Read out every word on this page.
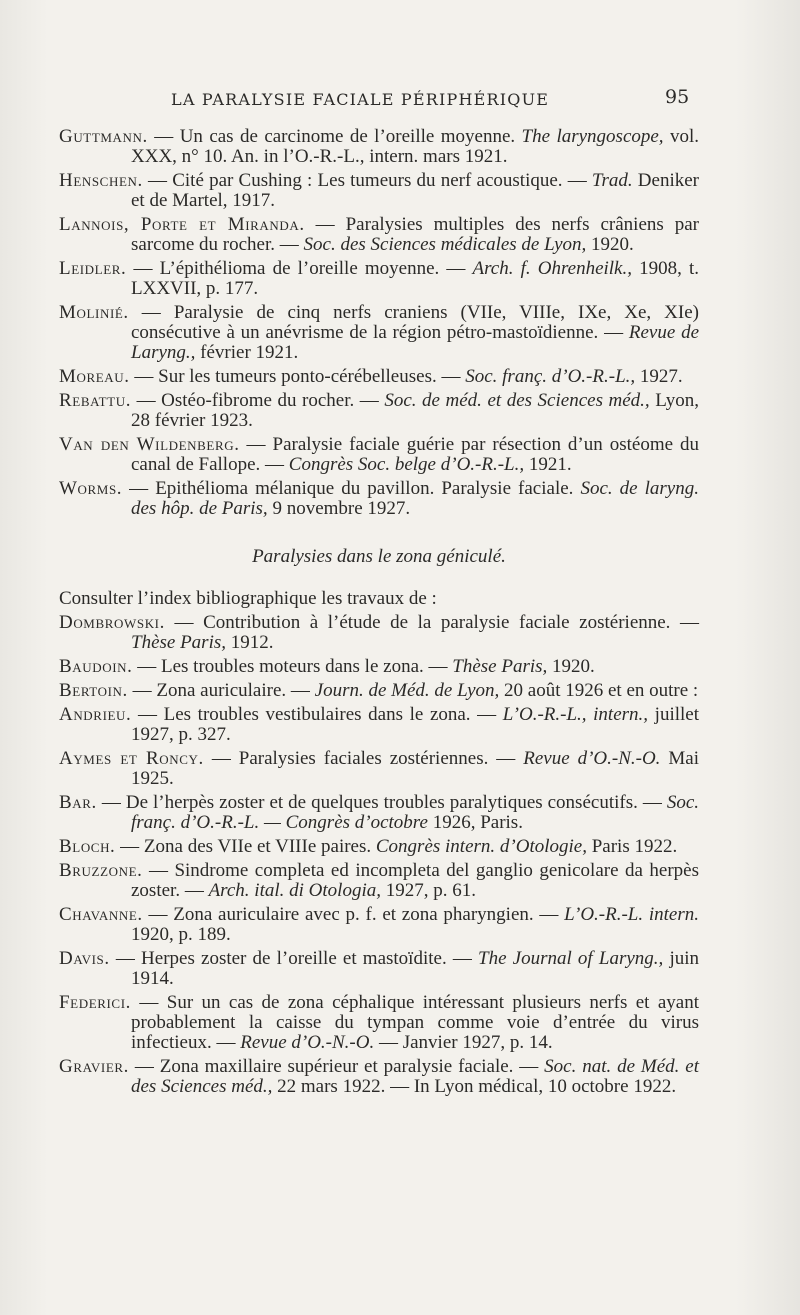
LA PARALYSIE FACIALE PÉRIPHÉRIQUE	95

Guttmann. — Un cas de carcinome de l’oreille moyenne. The laryngoscope, vol. XXX, n° 10. An. in l’O.-R.-L., intern. mars 1921.

Henschen. — Cité par Cushing : Les tumeurs du nerf acoustique. — Trad. Deniker et de Martel, 1917.

Lannois, Porte et Miranda. — Paralysies multiples des nerfs crâniens par sarcome du rocher. — Soc. des Sciences médicales de Lyon, 1920.

Leidler. — L’épithélioma de l’oreille moyenne. — Arch. f. Ohrenheilk., 1908, t. LXXVII, p. 177.

Molinié. — Paralysie de cinq nerfs craniens (VIIe, VIIIe, IXe, Xe, XIe) consécutive à un anévrisme de la région pétro-mastoïdienne. — Revue de Laryng., février 1921.

Moreau. — Sur les tumeurs ponto-cérébelleuses. — Soc. franç. d’O.-R.-L., 1927.

Rebattu. — Ostéo-fibrome du rocher. — Soc. de méd. et des Sciences méd., Lyon, 28 février 1923.

Van den Wildenberg. — Paralysie faciale guérie par résection d’un ostéome du canal de Fallope. — Congrès Soc. belge d’O.-R.-L., 1921.

Worms. — Epithélioma mélanique du pavillon. Paralysie faciale. Soc. de laryng. des hôp. de Paris, 9 novembre 1927.

Paralysies dans le zona géniculé.

Consulter l’index bibliographique les travaux de :

Dombrowski. — Contribution à l’étude de la paralysie faciale zostérienne. — Thèse Paris, 1912.

Baudoin. — Les troubles moteurs dans le zona. — Thèse Paris, 1920.

Bertoin. — Zona auriculaire. — Journ. de Méd. de Lyon, 20 août 1926 et en outre :

Andrieu. — Les troubles vestibulaires dans le zona. — L’O.-R.-L., intern., juillet 1927, p. 327.

Aymes et Roncy. — Paralysies faciales zostériennes. — Revue d’O.-N.-O. Mai 1925.

Bar. — De l’herpès zoster et de quelques troubles paralytiques consécutifs. — Soc. franç. d’O.-R.-L. — Congrès d’octobre 1926, Paris.

Bloch. — Zona des VIIe et VIIIe paires. Congrès intern. d’Otologie, Paris 1922.

Bruzzone. — Sindrome completa ed incompleta del ganglio genicolare da herpès zoster. — Arch. ital. di Otologia, 1927, p. 61.

Chavanne. — Zona auriculaire avec p. f. et zona pharyngien. — L’O.-R.-L. intern. 1920, p. 189.

Davis. — Herpes zoster de l’oreille et mastoïdite. — The Journal of Laryng., juin 1914.

Federici. — Sur un cas de zona céphalique intéressant plusieurs nerfs et ayant probablement la caisse du tympan comme voie d’entrée du virus infectieux. — Revue d’O.-N.-O. — Janvier 1927, p. 14.

Gravier. — Zona maxillaire supérieur et paralysie faciale. — Soc. nat. de Méd. et des Sciences méd., 22 mars 1922. — In Lyon médical, 10 octobre 1922.
